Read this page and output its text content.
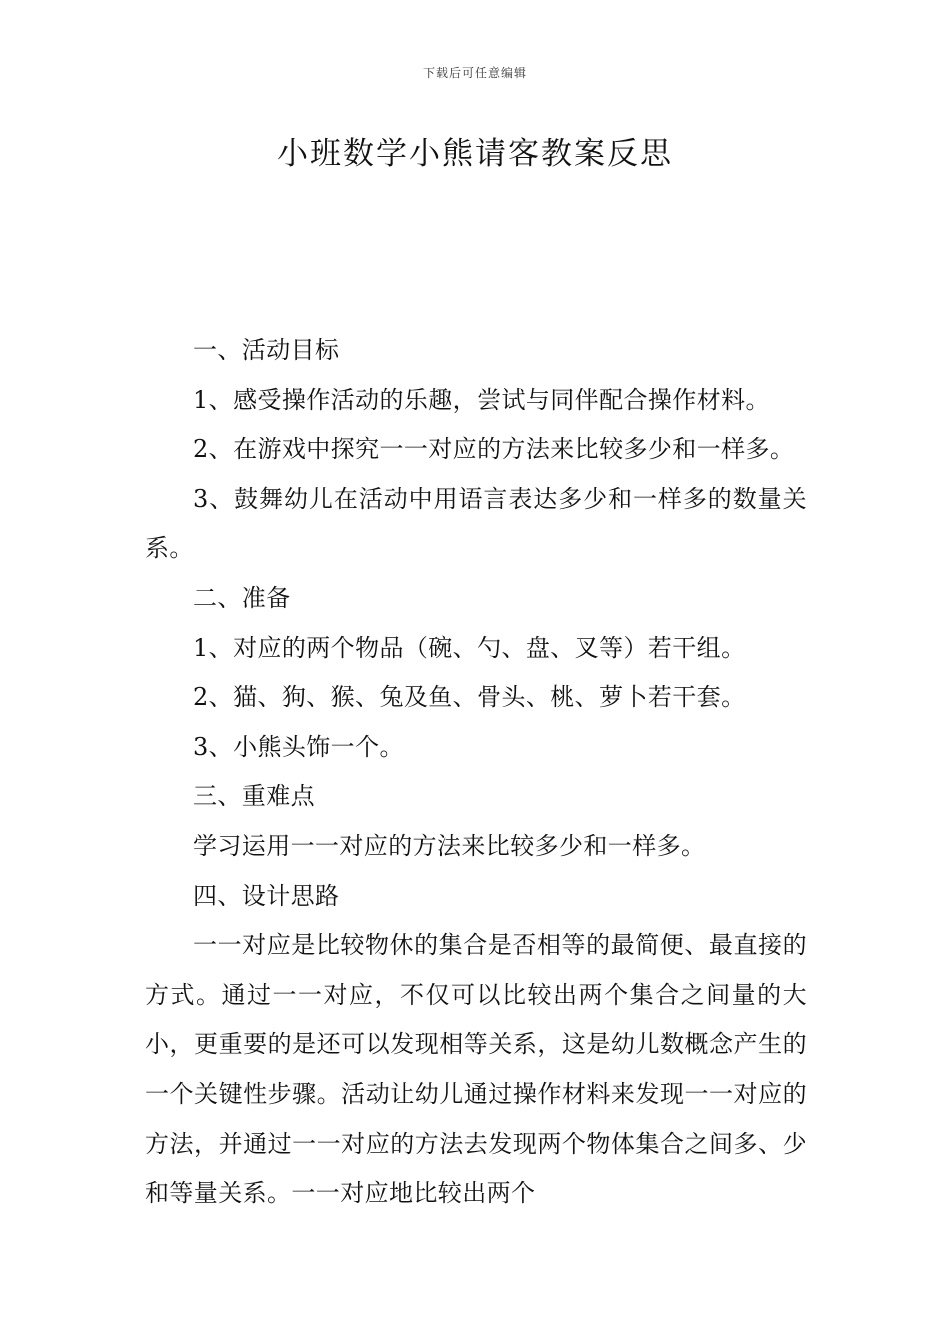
下载后可任意编辑
小班数学小熊请客教案反思

一、活动目标

1、感受操作活动的乐趣，尝试与同伴配合操作材料。

2、在游戏中探究一一对应的方法来比较多少和一样多。

3、鼓舞幼儿在活动中用语言表达多少和一样多的数量关系。

二、准备

1、对应的两个物品（碗、勺、盘、叉等）若干组。

2、猫、狗、猴、兔及鱼、骨头、桃、萝卜若干套。

3、小熊头饰一个。

三、重难点

学习运用一一对应的方法来比较多少和一样多。

四、设计思路

一一对应是比较物休的集合是否相等的最简便、最直接的方式。通过一一对应，不仅可以比较出两个集合之间量的大小，更重要的是还可以发现相等关系，这是幼儿数概念产生的一个关键性步骤。活动让幼儿通过操作材料来发现一一对应的方法，并通过一一对应的方法去发现两个物体集合之间多、少和等量关系。一一对应地比较出两个
